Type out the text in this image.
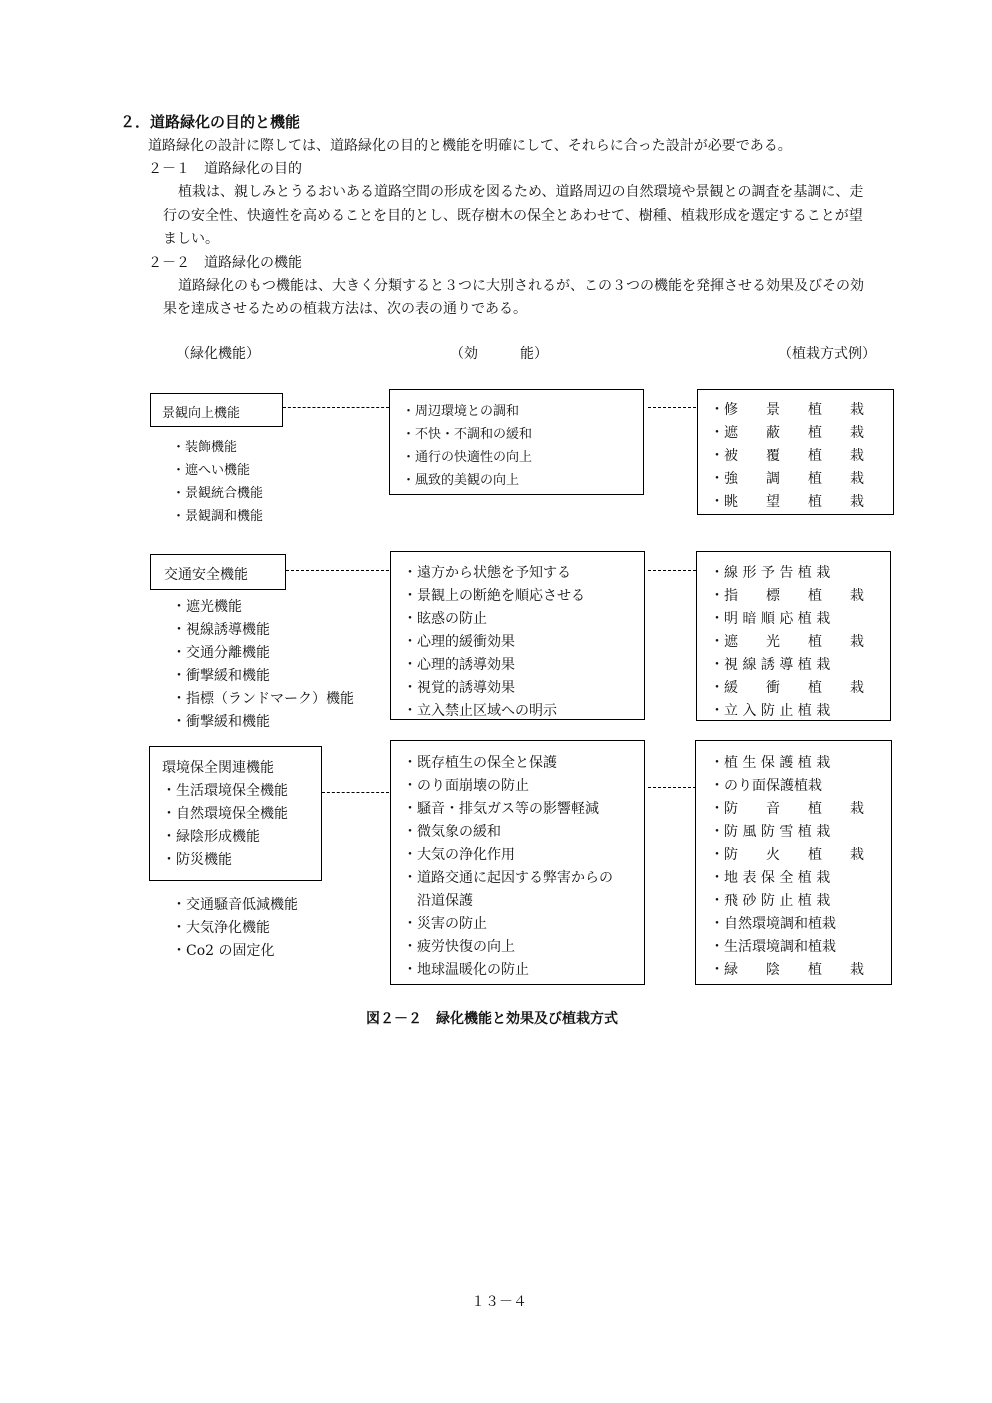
２．道路緑化の目的と機能
道路緑化の設計に際しては、道路緑化の目的と機能を明確にして、それらに合った設計が必要である。
２－１　道路緑化の目的
植栽は、親しみとうるおいある道路空間の形成を図るため、道路周辺の自然環境や景観との調査を基調に、走
行の安全性、快適性を高めることを目的とし、既存樹木の保全とあわせて、樹種、植栽形成を選定することが望
ましい。
２－２　道路緑化の機能
道路緑化のもつ機能は、大きく分類すると３つに大別されるが、この３つの機能を発揮させる効果及びその効
果を達成させるための植栽方法は、次の表の通りである。
（緑化機能）	（効　　　能）	（植栽方式例）
景観向上機能
・装飾機能
・遮へい機能
・景観統合機能
・景観調和機能
・周辺環境との調和
・不快・不調和の緩和
・通行の快適性の向上
・風致的美観の向上
・修　　景　　植　　栽
・遮　　蔽　　植　　栽
・被　　覆　　植　　栽
・強　　調　　植　　栽
・眺　　望　　植　　栽
交通安全機能
・遮光機能
・視線誘導機能
・交通分離機能
・衝撃緩和機能
・指標（ランドマーク）機能
・衝撃緩和機能
・遠方から状態を予知する
・景観上の断絶を順応させる
・眩惑の防止
・心理的緩衝効果
・心理的誘導効果
・視覚的誘導効果
・立入禁止区域への明示
・線 形 予 告 植 栽
・指　　標　　植　　栽
・明 暗 順 応 植 栽
・遮　　光　　植　　栽
・視 線 誘 導 植 栽
・緩　　衝　　植　　栽
・立 入 防 止 植 栽
環境保全関連機能
・生活環境保全機能
・自然環境保全機能
・緑陰形成機能
・防災機能
・交通騒音低減機能
・大気浄化機能
・Co2 の固定化
・既存植生の保全と保護
・のり面崩壊の防止
・騒音・排気ガス等の影響軽減
・微気象の緩和
・大気の浄化作用
・道路交通に起因する弊害からの
　沿道保護
・災害の防止
・疲労快復の向上
・地球温暖化の防止
・植 生 保 護 植 栽
・のり面保護植栽
・防　　音　　植　　栽
・防 風 防 雪 植 栽
・防　　火　　植　　栽
・地 表 保 全 植 栽
・飛 砂 防 止 植 栽
・自然環境調和植栽
・生活環境調和植栽
・緑　　陰　　植　　栽
図２－２　緑化機能と効果及び植栽方式
１３－４
